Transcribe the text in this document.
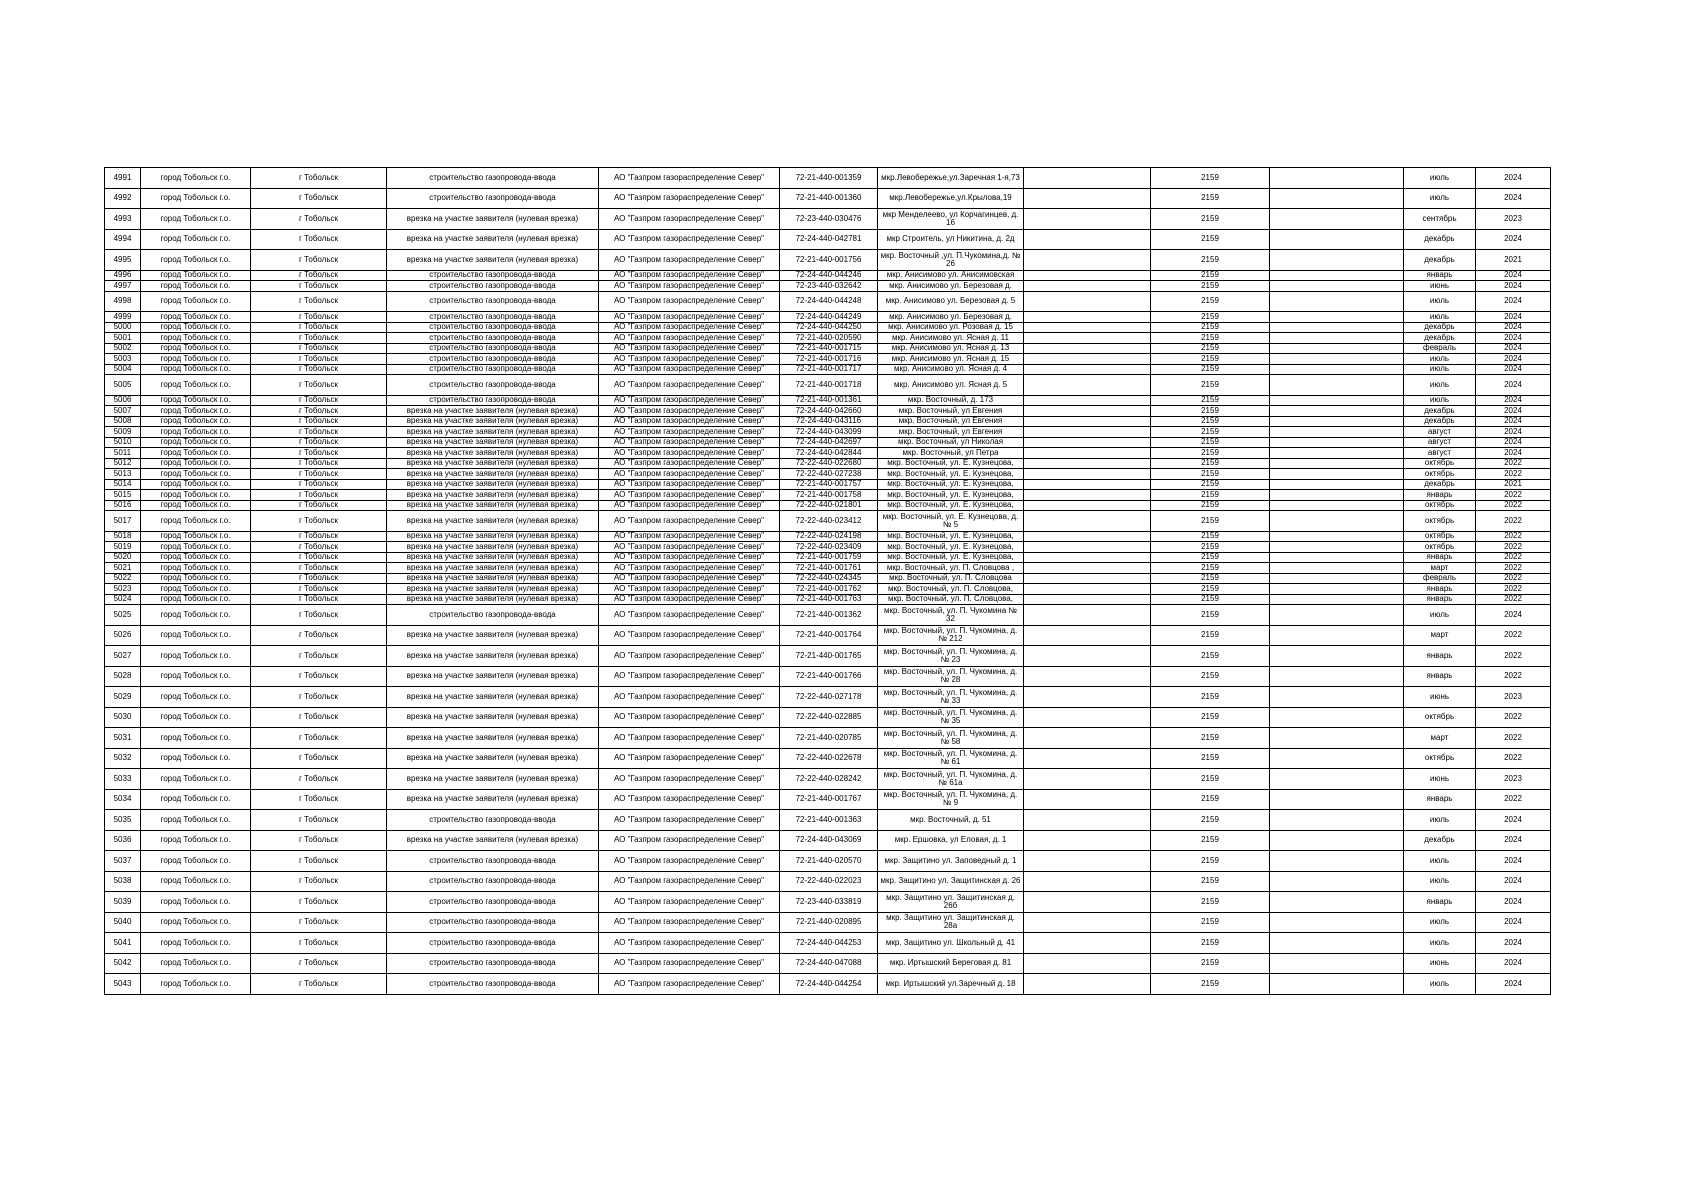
4991	город Тобольск г.о.	г Тобольск	строительство газопровода-ввода	АО "Газпром газораспределение Север"	72-21-440-001359	мкр.Левобережье,ул.Заречная 1-я,73		2159		июль	2024
4992	город Тобольск г.о.	г Тобольск	строительство газопровода-ввода	АО "Газпром газораспределение Север"	72-21-440-001360	мкр.Левобережье,ул.Крылова,19		2159		июль	2024
4993	город Тобольск г.о.	г Тобольск	врезка на участке заявителя (нулевая врезка)	АО "Газпром газораспределение Север"	72-23-440-030476	мкр Менделеево, ул Корчагинцев, д. 16		2159		сентябрь	2023
4994	город Тобольск г.о.	г Тобольск	врезка на участке заявителя (нулевая врезка)	АО "Газпром газораспределение Север"	72-24-440-042781	мкр Строитель, ул Никитина, д. 2д		2159		декабрь	2024
4995	город Тобольск г.о.	г Тобольск	врезка на участке заявителя (нулевая врезка)	АО "Газпром газораспределение Север"	72-21-440-001756	мкр. Восточный ,ул. П.Чукомина,д. № 26		2159		декабрь	2021
4996	город Тобольск г.о.	г Тобольск	строительство газопровода-ввода	АО "Газпром газораспределение Север"	72-24-440-044246	мкр. Анисимово ул. Анисимовская		2159		январь	2024
4997	город Тобольск г.о.	г Тобольск	строительство газопровода-ввода	АО "Газпром газораспределение Север"	72-23-440-032642	мкр. Анисимово ул. Березовая д.		2159		июнь	2024
4998	город Тобольск г.о.	г Тобольск	строительство газопровода-ввода	АО "Газпром газораспределение Север"	72-24-440-044248	мкр. Анисимово ул. Березовая д. 5		2159		июль	2024
4999	город Тобольск г.о.	г Тобольск	строительство газопровода-ввода	АО "Газпром газораспределение Север"	72-24-440-044249	мкр. Анисимово ул. Березовая д.		2159		июль	2024
5000	город Тобольск г.о.	г Тобольск	строительство газопровода-ввода	АО "Газпром газораспределение Север"	72-24-440-044250	мкр. Анисимово ул. Розовая д. 15		2159		декабрь	2024
5001	город Тобольск г.о.	г Тобольск	строительство газопровода-ввода	АО "Газпром газораспределение Север"	72-21-440-020590	мкр. Анисимово ул. Ясная д. 11		2159		декабрь	2024
5002	город Тобольск г.о.	г Тобольск	строительство газопровода-ввода	АО "Газпром газораспределение Север"	72-21-440-001715	мкр. Анисимово ул. Ясная д. 13		2159		февраль	2024
5003	город Тобольск г.о.	г Тобольск	строительство газопровода-ввода	АО "Газпром газораспределение Север"	72-21-440-001716	мкр. Анисимово ул. Ясная д. 15		2159		июль	2024
5004	город Тобольск г.о.	г Тобольск	строительство газопровода-ввода	АО "Газпром газораспределение Север"	72-21-440-001717	мкр. Анисимово ул. Ясная д. 4		2159		июль	2024
5005	город Тобольск г.о.	г Тобольск	строительство газопровода-ввода	АО "Газпром газораспределение Север"	72-21-440-001718	мкр. Анисимово ул. Ясная д. 5		2159		июль	2024
5006	город Тобольск г.о.	г Тобольск	строительство газопровода-ввода	АО "Газпром газораспределение Север"	72-21-440-001361	мкр. Восточный, д. 173		2159		июль	2024
5007	город Тобольск г.о.	г Тобольск	врезка на участке заявителя (нулевая врезка)	АО "Газпром газораспределение Север"	72-24-440-042660	мкр. Восточный, ул Евгения		2159		декабрь	2024
5008	город Тобольск г.о.	г Тобольск	врезка на участке заявителя (нулевая врезка)	АО "Газпром газораспределение Север"	72-24-440-043116	мкр. Восточный, ул Евгения		2159		декабрь	2024
5009	город Тобольск г.о.	г Тобольск	врезка на участке заявителя (нулевая врезка)	АО "Газпром газораспределение Север"	72-24-440-043099	мкр. Восточный, ул Евгения		2159		август	2024
5010	город Тобольск г.о.	г Тобольск	врезка на участке заявителя (нулевая врезка)	АО "Газпром газораспределение Север"	72-24-440-042697	мкр. Восточный, ул Николая		2159		август	2024
5011	город Тобольск г.о.	г Тобольск	врезка на участке заявителя (нулевая врезка)	АО "Газпром газораспределение Север"	72-24-440-042844	мкр. Восточный, ул Петра		2159		август	2024
5012	город Тобольск г.о.	г Тобольск	врезка на участке заявителя (нулевая врезка)	АО "Газпром газораспределение Север"	72-22-440-022680	мкр. Восточный, ул. Е. Кузнецова,		2159		октябрь	2022
5013	город Тобольск г.о.	г Тобольск	врезка на участке заявителя (нулевая врезка)	АО "Газпром газораспределение Север"	72-22-440-027238	мкр. Восточный, ул. Е. Кузнецова,		2159		октябрь	2022
5014	город Тобольск г.о.	г Тобольск	врезка на участке заявителя (нулевая врезка)	АО "Газпром газораспределение Север"	72-21-440-001757	мкр. Восточный, ул. Е. Кузнецова,		2159		декабрь	2021
5015	город Тобольск г.о.	г Тобольск	врезка на участке заявителя (нулевая врезка)	АО "Газпром газораспределение Север"	72-21-440-001758	мкр. Восточный, ул. Е. Кузнецова,		2159		январь	2022
5016	город Тобольск г.о.	г Тобольск	врезка на участке заявителя (нулевая врезка)	АО "Газпром газораспределение Север"	72-22-440-021801	мкр. Восточный, ул. Е. Кузнецова,		2159		октябрь	2022
5017	город Тобольск г.о.	г Тобольск	врезка на участке заявителя (нулевая врезка)	АО "Газпром газораспределение Север"	72-22-440-023412	мкр. Восточный, ул. Е. Кузнецова, д. № 5		2159		октябрь	2022
5018	город Тобольск г.о.	г Тобольск	врезка на участке заявителя (нулевая врезка)	АО "Газпром газораспределение Север"	72-22-440-024198	мкр. Восточный, ул. Е. Кузнецова,		2159		октябрь	2022
5019	город Тобольск г.о.	г Тобольск	врезка на участке заявителя (нулевая врезка)	АО "Газпром газораспределение Север"	72-22-440-023409	мкр. Восточный, ул. Е. Кузнецова,		2159		октябрь	2022
5020	город Тобольск г.о.	г Тобольск	врезка на участке заявителя (нулевая врезка)	АО "Газпром газораспределение Север"	72-21-440-001759	мкр. Восточный, ул. Е. Кузнецова,		2159		январь	2022
5021	город Тобольск г.о.	г Тобольск	врезка на участке заявителя (нулевая врезка)	АО "Газпром газораспределение Север"	72-21-440-001761	мкр. Восточный, ул. П. Словцова ,		2159		март	2022
5022	город Тобольск г.о.	г Тобольск	врезка на участке заявителя (нулевая врезка)	АО "Газпром газораспределение Север"	72-22-440-024345	мкр. Восточный, ул. П. Словцова		2159		февраль	2022
5023	город Тобольск г.о.	г Тобольск	врезка на участке заявителя (нулевая врезка)	АО "Газпром газораспределение Север"	72-21-440-001762	мкр. Восточный, ул. П. Словцова,		2159		январь	2022
5024	город Тобольск г.о.	г Тобольск	врезка на участке заявителя (нулевая врезка)	АО "Газпром газораспределение Север"	72-21-440-001763	мкр. Восточный, ул. П. Словцова,		2159		январь	2022
5025	город Тобольск г.о.	г Тобольск	строительство газопровода-ввода	АО "Газпром газораспределение Север"	72-21-440-001362	мкр. Восточный, ул. П. Чукомина № 32		2159		июль	2024
5026	город Тобольск г.о.	г Тобольск	врезка на участке заявителя (нулевая врезка)	АО "Газпром газораспределение Север"	72-21-440-001764	мкр. Восточный, ул. П. Чукомина, д. № 212		2159		март	2022
5027	город Тобольск г.о.	г Тобольск	врезка на участке заявителя (нулевая врезка)	АО "Газпром газораспределение Север"	72-21-440-001765	мкр. Восточный, ул. П. Чукомина, д. № 23		2159		январь	2022
5028	город Тобольск г.о.	г Тобольск	врезка на участке заявителя (нулевая врезка)	АО "Газпром газораспределение Север"	72-21-440-001766	мкр. Восточный, ул. П. Чукомина, д. № 28		2159		январь	2022
5029	город Тобольск г.о.	г Тобольск	врезка на участке заявителя (нулевая врезка)	АО "Газпром газораспределение Север"	72-22-440-027178	мкр. Восточный, ул. П. Чукомина, д. № 33		2159		июнь	2023
5030	город Тобольск г.о.	г Тобольск	врезка на участке заявителя (нулевая врезка)	АО "Газпром газораспределение Север"	72-22-440-022885	мкр. Восточный, ул. П. Чукомина, д. № 35		2159		октябрь	2022
5031	город Тобольск г.о.	г Тобольск	врезка на участке заявителя (нулевая врезка)	АО "Газпром газораспределение Север"	72-21-440-020785	мкр. Восточный, ул. П. Чукомина, д. № 58		2159		март	2022
5032	город Тобольск г.о.	г Тобольск	врезка на участке заявителя (нулевая врезка)	АО "Газпром газораспределение Север"	72-22-440-022678	мкр. Восточный, ул. П. Чукомина, д. № 61		2159		октябрь	2022
5033	город Тобольск г.о.	г Тобольск	врезка на участке заявителя (нулевая врезка)	АО "Газпром газораспределение Север"	72-22-440-028242	мкр. Восточный, ул. П. Чукомина, д. № 61а		2159		июнь	2023
5034	город Тобольск г.о.	г Тобольск	врезка на участке заявителя (нулевая врезка)	АО "Газпром газораспределение Север"	72-21-440-001767	мкр. Восточный, ул. П. Чукомина, д. № 9		2159		январь	2022
5035	город Тобольск г.о.	г Тобольск	строительство газопровода-ввода	АО "Газпром газораспределение Север"	72-21-440-001363	мкр. Восточный, д. 51		2159		июль	2024
5036	город Тобольск г.о.	г Тобольск	врезка на участке заявителя (нулевая врезка)	АО "Газпром газораспределение Север"	72-24-440-043069	мкр. Ершовка, ул Еловая, д. 1		2159		декабрь	2024
5037	город Тобольск г.о.	г Тобольск	строительство газопровода-ввода	АО "Газпром газораспределение Север"	72-21-440-020570	мкр. Защитино ул. Заповедный д. 1		2159		июль	2024
5038	город Тобольск г.о.	г Тобольск	строительство газопровода-ввода	АО "Газпром газораспределение Север"	72-22-440-022023	мкр. Защитино ул. Защитинская д. 26		2159		июль	2024
5039	город Тобольск г.о.	г Тобольск	строительство газопровода-ввода	АО "Газпром газораспределение Север"	72-23-440-033819	мкр. Защитино ул. Защитинская д. 26б		2159		январь	2024
5040	город Тобольск г.о.	г Тобольск	строительство газопровода-ввода	АО "Газпром газораспределение Север"	72-21-440-020895	мкр. Защитино ул. Защитинская д. 28а		2159		июль	2024
5041	город Тобольск г.о.	г Тобольск	строительство газопровода-ввода	АО "Газпром газораспределение Север"	72-24-440-044253	мкр. Защитино ул. Школьный д. 41		2159		июль	2024
5042	город Тобольск г.о.	г Тобольск	строительство газопровода-ввода	АО "Газпром газораспределение Север"	72-24-440-047088	мкр. Иртышский Береговая д. 81		2159		июнь	2024
5043	город Тобольск г.о.	г Тобольск	строительство газопровода-ввода	АО "Газпром газораспределение Север"	72-24-440-044254	мкр. Иртышский ул.Заречный д. 18		2159		июль	2024
